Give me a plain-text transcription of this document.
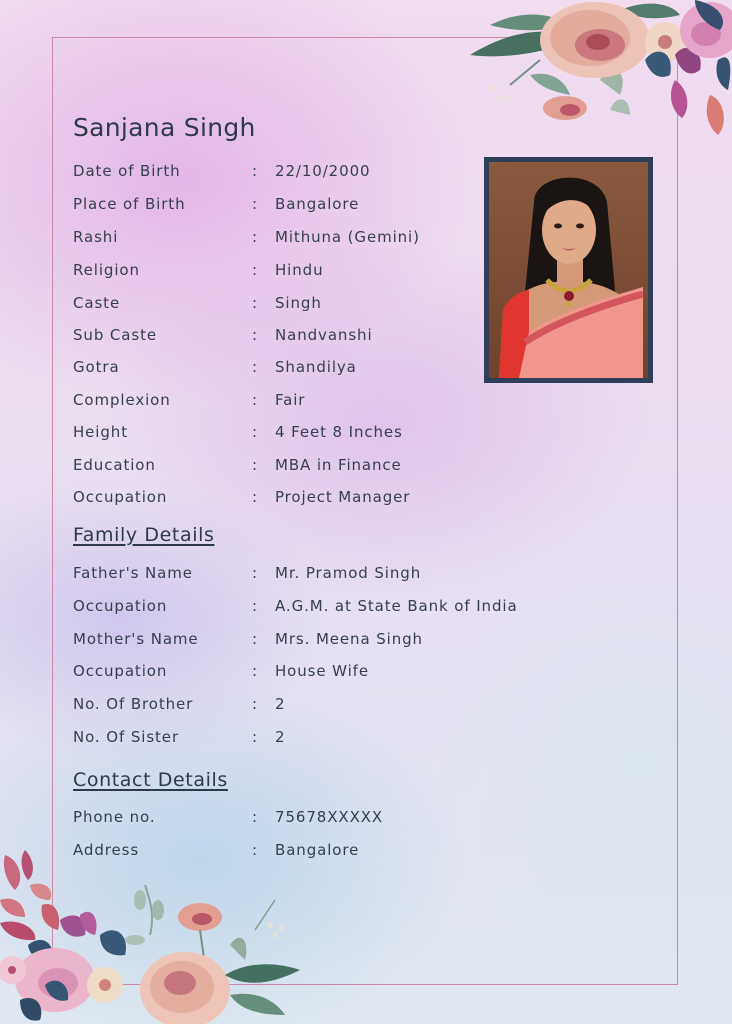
Sanjana Singh
Date of Birth	: 22/10/2000
Place of Birth	: Bangalore
Rashi	: Mithuna (Gemini)
Religion	: Hindu
Caste	: Singh
Sub Caste	: Nandvanshi
Gotra	: Shandilya
Complexion	: Fair
Height	: 4 Feet 8 Inches
Education	: MBA in Finance
Occupation	: Project Manager
Family Details
Father's Name	: Mr. Pramod Singh
Occupation	: A.G.M. at State Bank of India
Mother's Name	: Mrs. Meena Singh
Occupation	: House Wife
No. Of Brother	: 2
No. Of Sister	: 2
Contact Details
Phone no.	: 75678XXXXX
Address	: Bangalore
